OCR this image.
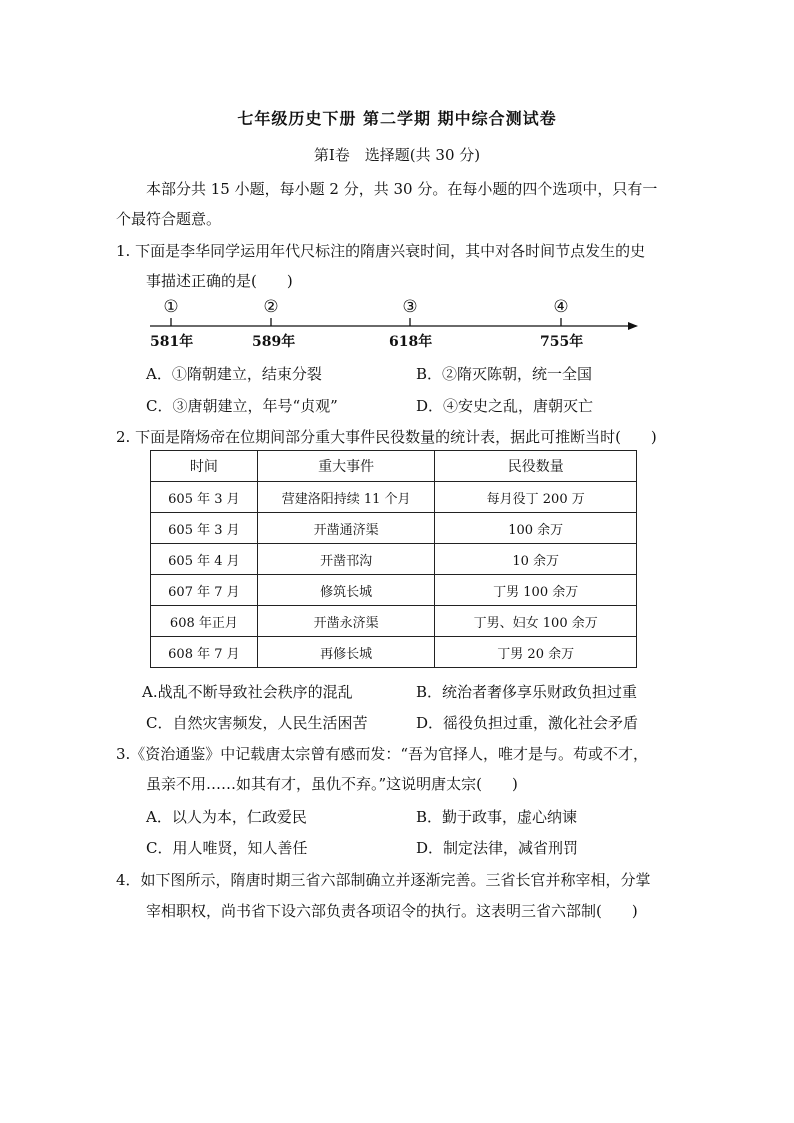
七年级历史下册 第二学期 期中综合测试卷
第Ⅰ卷　选择题(共 30 分)
本部分共 15 小题，每小题 2 分，共 30 分。在每小题的四个选项中，只有一
个最符合题意。
1. 下面是李华同学运用年代尺标注的隋唐兴衰时间，其中对各时间节点发生的史
事描述正确的是(　　)
①	②	③	④
581年	589年	618年	755年
A．①隋朝建立，结束分裂	B．②隋灭陈朝，统一全国
C．③唐朝建立，年号“贞观”	D．④安史之乱，唐朝灭亡
2. 下面是隋炀帝在位期间部分重大事件民役数量的统计表，据此可推断当时(　　)
时间	重大事件	民役数量
605 年 3 月	营建洛阳持续 11 个月	每月役丁 200 万
605 年 3 月	开凿通济渠	100 余万
605 年 4 月	开凿邗沟	10 余万
607 年 7 月	修筑长城	丁男 100 余万
608 年正月	开凿永济渠	丁男、妇女 100 余万
608 年 7 月	再修长城	丁男 20 余万
A.战乱不断导致社会秩序的混乱	B．统治者奢侈享乐财政负担过重
C．自然灾害频发，人民生活困苦	D．徭役负担过重，激化社会矛盾
3.《资治通鉴》中记载唐太宗曾有感而发：“吾为官择人，唯才是与。苟或不才，
虽亲不用……如其有才，虽仇不弃。”这说明唐太宗(　　)
A．以人为本，仁政爱民	B．勤于政事，虚心纳谏
C．用人唯贤，知人善任	D．制定法律，减省刑罚
4．如下图所示，隋唐时期三省六部制确立并逐渐完善。三省长官并称宰相，分掌
宰相职权，尚书省下设六部负责各项诏令的执行。这表明三省六部制(　　)
